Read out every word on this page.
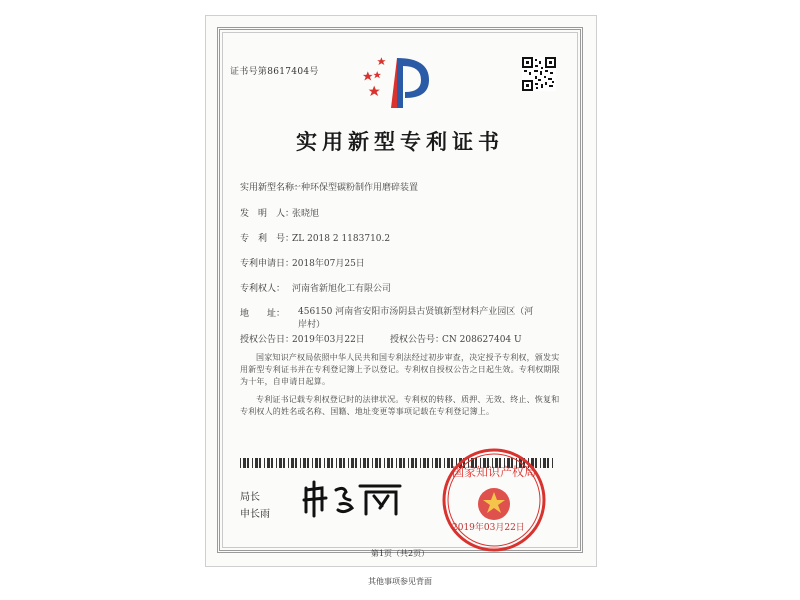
证书号第8617404号
实用新型专利证书
实用新型名称：一种环保型碳粉制作用磨碎装置
发　明　人：张晓旭
专　利　号：ZL 2018 2 1183710.2
专利申请日：2018年07月25日
专利权人： 河南省新旭化工有限公司
地　　址： 456150 河南省安阳市汤阴县古贤镇新型材料产业园区（河岸村）
授权公告日：2019年03月22日	授权公告号：CN 208627404 U
国家知识产权局依照中华人民共和国专利法经过初步审查，决定授予专利权，颁发实用新型专利证书并在专利登记簿上予以登记。专利权自授权公告之日起生效。专利权期限为十年，自申请日起算。
专利证书记载专利权登记时的法律状况。专利权的转移、质押、无效、终止、恢复和专利权人的姓名或名称、国籍、地址变更等事项记载在专利登记簿上。
局长
申长雨
国家知识产权局
2019年03月22日
第1页（共2页）
其他事项参见背面
